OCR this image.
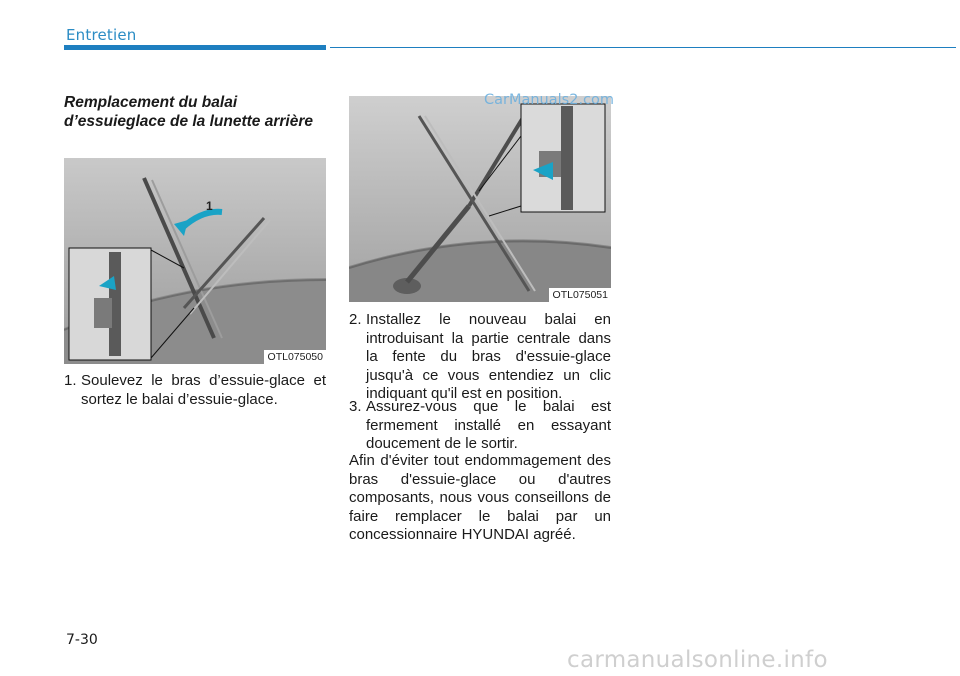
Entretien
Remplacement du balai d’essuieglace de la lunette arrière
1
OTL075050
1. Soulevez le bras d’essuie-glace et sortez le balai d’essuie-glace.
OTL075051
2. Installez le nouveau balai en introduisant la partie centrale dans la fente du bras d'essuie-glace jusqu'à ce vous entendiez un clic indiquant qu'il est en position.
3. Assurez-vous que le balai est fermement installé en essayant doucement de le sortir.
Afin d'éviter tout endommagement des bras d'essuie-glace ou d'autres composants, nous vous conseillons de faire remplacer le balai par un concessionnaire HYUNDAI agréé.
CarManuals2.com
7-30
carmanualsonline.info
